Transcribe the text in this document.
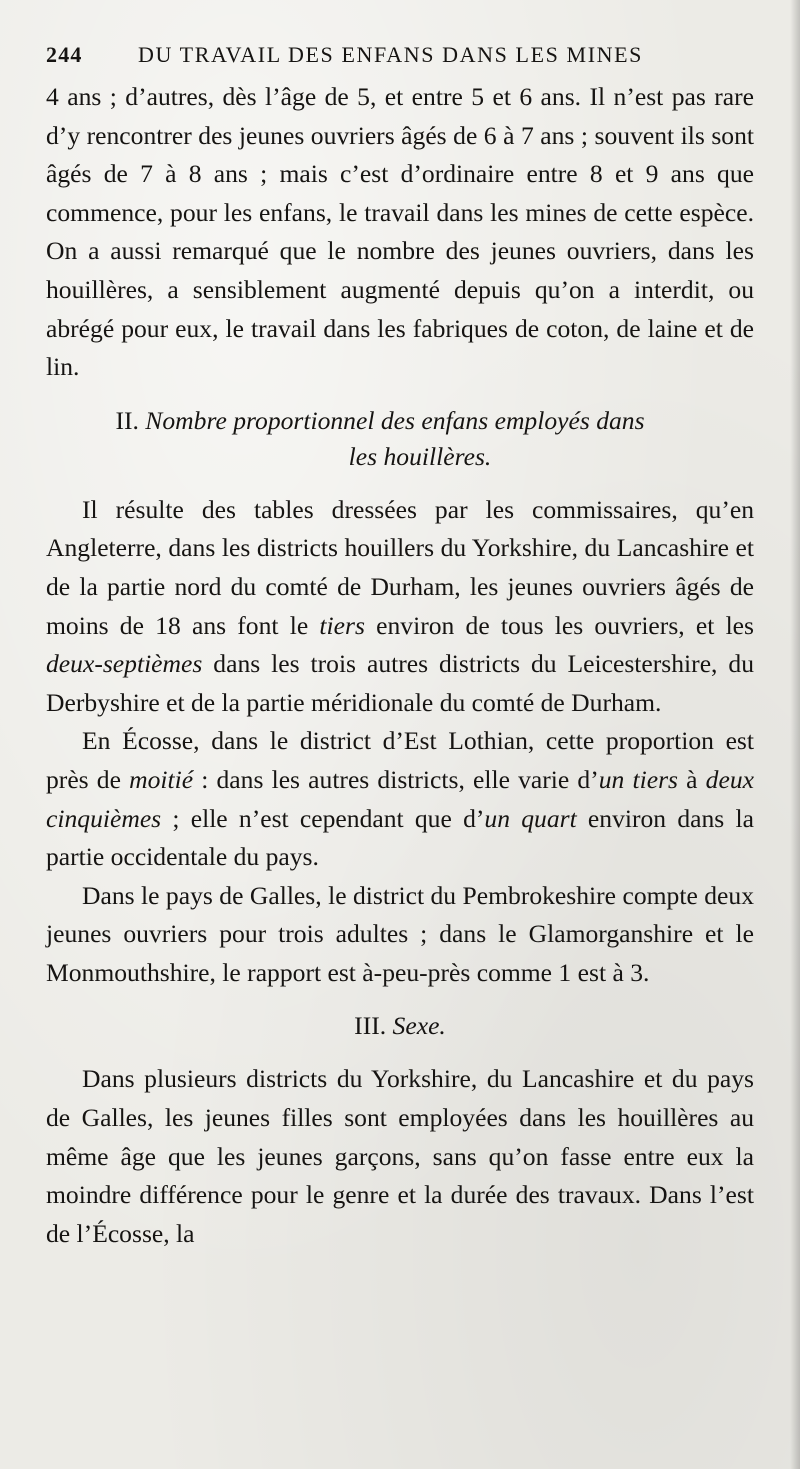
244	DU TRAVAIL DES ENFANS DANS LES MINES

4 ans ; d’autres, dès l’âge de 5, et entre 5 et 6 ans. Il n’est pas rare d’y rencontrer des jeunes ouvriers âgés de 6 à 7 ans ; souvent ils sont âgés de 7 à 8 ans ; mais c’est d’ordinaire entre 8 et 9 ans que commence, pour les enfans, le travail dans les mines de cette espèce. On a aussi remarqué que le nombre des jeunes ouvriers, dans les houillères, a sensiblement augmenté depuis qu’on a interdit, ou abrégé pour eux, le travail dans les fabriques de coton, de laine et de lin.

II. Nombre proportionnel des enfans employés dans
les houillères.

Il résulte des tables dressées par les commissaires, qu’en Angleterre, dans les districts houillers du Yorkshire, du Lancashire et de la partie nord du comté de Durham, les jeunes ouvriers âgés de moins de 18 ans font le tiers environ de tous les ouvriers, et les deux-septièmes dans les trois autres districts du Leicestershire, du Derbyshire et de la partie méridionale du comté de Durham.

En Écosse, dans le district d’Est Lothian, cette proportion est près de moitié : dans les autres districts, elle varie d’un tiers à deux cinquièmes ; elle n’est cependant que d’un quart environ dans la partie occidentale du pays.

Dans le pays de Galles, le district du Pembrokeshire compte deux jeunes ouvriers pour trois adultes ; dans le Glamorganshire et le Monmouthshire, le rapport est à-peu-près comme 1 est à 3.

III. Sexe.

Dans plusieurs districts du Yorkshire, du Lancashire et du pays de Galles, les jeunes filles sont employées dans les houillères au même âge que les jeunes garçons, sans qu’on fasse entre eux la moindre différence pour le genre et la durée des travaux. Dans l’est de l’Écosse, la
